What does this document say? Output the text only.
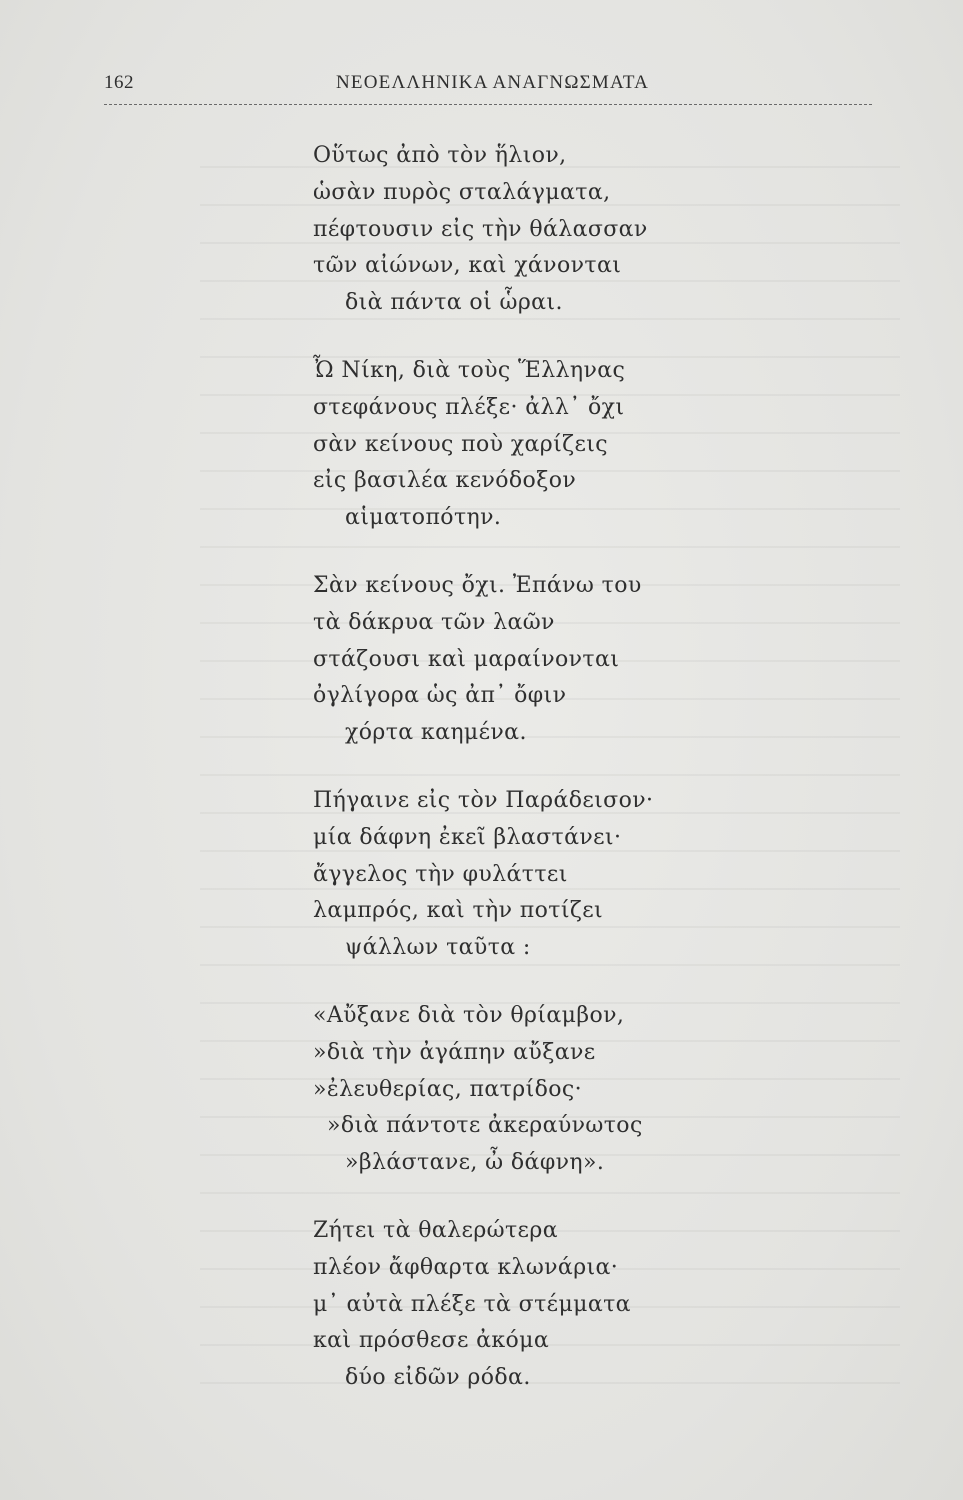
162	ΝΕΟΕΛΛΗΝΙΚΑ ΑΝΑΓΝΩΣΜΑΤΑ
Οὕτως ἀπὸ τὸν ἥλιον,
ὡσὰν πυρὸς σταλάγματα,
πέφτουσιν εἰς τὴν θάλασσαν
τῶν αἰώνων, καὶ χάνονται
διὰ πάντα οἱ ὧραι.
Ὦ Νίκη, διὰ τοὺς Ἕλληνας
στεφάνους πλέξε· ἀλλ᾽ ὄχι
σὰν κείνους ποὺ χαρίζεις
εἰς βασιλέα κενόδοξον
αἱματοπότην.
Σὰν κείνους ὄχι. Ἐπάνω του
τὰ δάκρυα τῶν λαῶν
στάζουσι καὶ μαραίνονται
ὀγλίγορα ὡς ἀπ᾽ ὄφιν
χόρτα καημένα.
Πήγαινε εἰς τὸν Παράδεισον·
μία δάφνη ἐκεῖ βλαστάνει·
ἄγγελος τὴν φυλάττει
λαμπρός, καὶ τὴν ποτίζει
ψάλλων ταῦτα :
«Αὔξανε διὰ τὸν θρίαμβον,
»διὰ τὴν ἀγάπην αὔξανε
»ἐλευθερίας, πατρίδος·
»διὰ πάντοτε ἀκεραύνωτος
»βλάστανε, ὦ δάφνη».
Ζήτει τὰ θαλερώτερα
πλέον ἄφθαρτα κλωνάρια·
μ᾽ αὐτὰ πλέξε τὰ στέμματα
καὶ πρόσθεσε ἀκόμα
δύο εἰδῶν ρόδα.
